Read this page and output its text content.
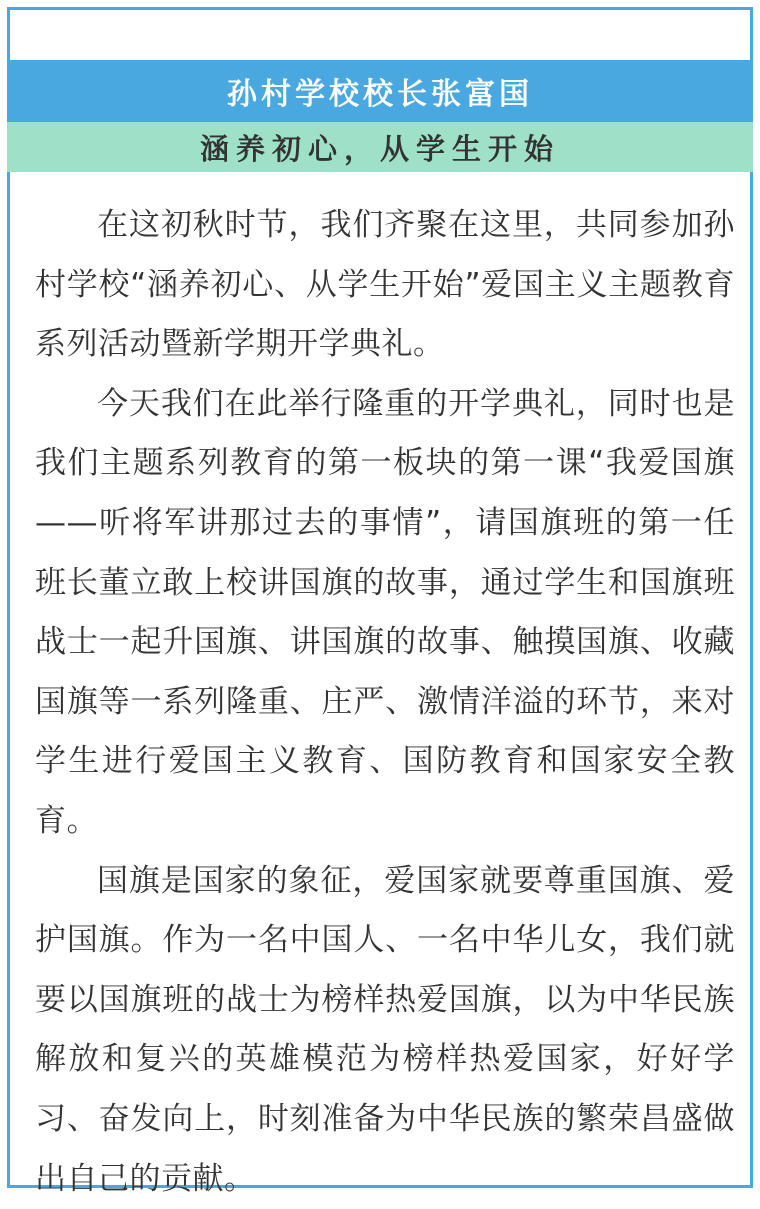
孙村学校校长张富国
涵养初心，从学生开始

在这初秋时节，我们齐聚在这里，共同参加孙村学校“涵养初心、从学生开始”爱国主义主题教育系列活动暨新学期开学典礼。

今天我们在此举行隆重的开学典礼，同时也是我们主题系列教育的第一板块的第一课“我爱国旗——听将军讲那过去的事情”，请国旗班的第一任班长董立敢上校讲国旗的故事，通过学生和国旗班战士一起升国旗、讲国旗的故事、触摸国旗、收藏国旗等一系列隆重、庄严、激情洋溢的环节，来对学生进行爱国主义教育、国防教育和国家安全教育。

国旗是国家的象征，爱国家就要尊重国旗、爱护国旗。作为一名中国人、一名中华儿女，我们就要以国旗班的战士为榜样热爱国旗，以为中华民族解放和复兴的英雄模范为榜样热爱国家，好好学习、奋发向上，时刻准备为中华民族的繁荣昌盛做出自己的贡献。
